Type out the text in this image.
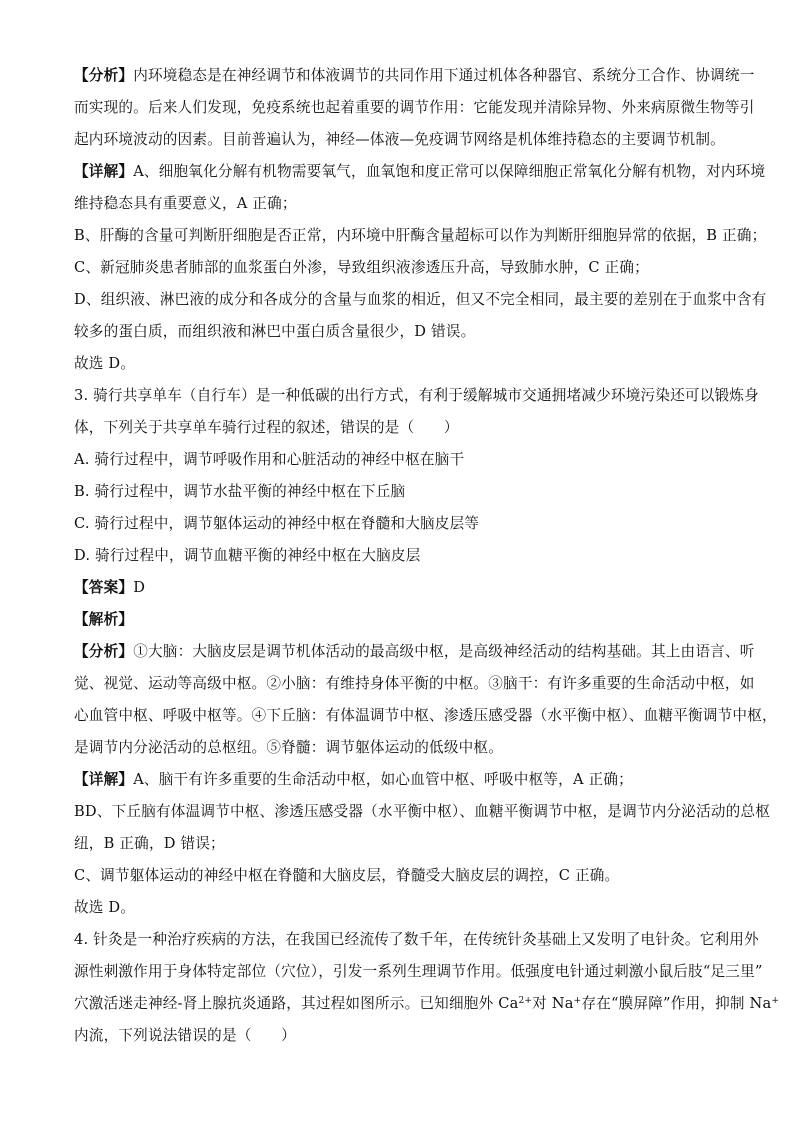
【分析】内环境稳态是在神经调节和体液调节的共同作用下通过机体各种器官、系统分工合作、协调统一
而实现的。后来人们发现，免疫系统也起着重要的调节作用：它能发现并清除异物、外来病原微生物等引
起内环境波动的因素。目前普遍认为，神经—体液—免疫调节网络是机体维持稳态的主要调节机制。
【详解】A、细胞氧化分解有机物需要氧气，血氧饱和度正常可以保障细胞正常氧化分解有机物，对内环境
维持稳态具有重要意义，A 正确；
B、肝酶的含量可判断肝细胞是否正常，内环境中肝酶含量超标可以作为判断肝细胞异常的依据，B 正确；
C、新冠肺炎患者肺部的血浆蛋白外渗，导致组织液渗透压升高，导致肺水肿，C 正确；
D、组织液、淋巴液的成分和各成分的含量与血浆的相近，但又不完全相同，最主要的差别在于血浆中含有
较多的蛋白质，而组织液和淋巴中蛋白质含量很少，D 错误。
故选 D。
3. 骑行共享单车（自行车）是一种低碳的出行方式，有利于缓解城市交通拥堵减少环境污染还可以锻炼身
体，下列关于共享单车骑行过程的叙述，错误的是（　　）
A. 骑行过程中，调节呼吸作用和心脏活动的神经中枢在脑干
B. 骑行过程中，调节水盐平衡的神经中枢在下丘脑
C. 骑行过程中，调节躯体运动的神经中枢在脊髓和大脑皮层等
D. 骑行过程中，调节血糖平衡的神经中枢在大脑皮层
【答案】D
【解析】
【分析】①大脑：大脑皮层是调节机体活动的最高级中枢，是高级神经活动的结构基础。其上由语言、听
觉、视觉、运动等高级中枢。②小脑：有维持身体平衡的中枢。③脑干：有许多重要的生命活动中枢，如
心血管中枢、呼吸中枢等。④下丘脑：有体温调节中枢、渗透压感受器（水平衡中枢）、血糖平衡调节中枢，
是调节内分泌活动的总枢纽。⑤脊髓：调节躯体运动的低级中枢。
【详解】A、脑干有许多重要的生命活动中枢，如心血管中枢、呼吸中枢等，A 正确；
BD、下丘脑有体温调节中枢、渗透压感受器（水平衡中枢）、血糖平衡调节中枢，是调节内分泌活动的总枢
纽，B 正确，D 错误；
C、调节躯体运动的神经中枢在脊髓和大脑皮层，脊髓受大脑皮层的调控，C 正确。
故选 D。
4. 针灸是一种治疗疾病的方法，在我国已经流传了数千年，在传统针灸基础上又发明了电针灸。它利用外
源性刺激作用于身体特定部位（穴位），引发一系列生理调节作用。低强度电针通过刺激小鼠后肢“足三里”
穴激活迷走神经-肾上腺抗炎通路，其过程如图所示。已知细胞外 $Ca^{2+}$对 Na+存在“膜屏障”作用，抑制 Na+
内流，下列说法错误的是（　　）
